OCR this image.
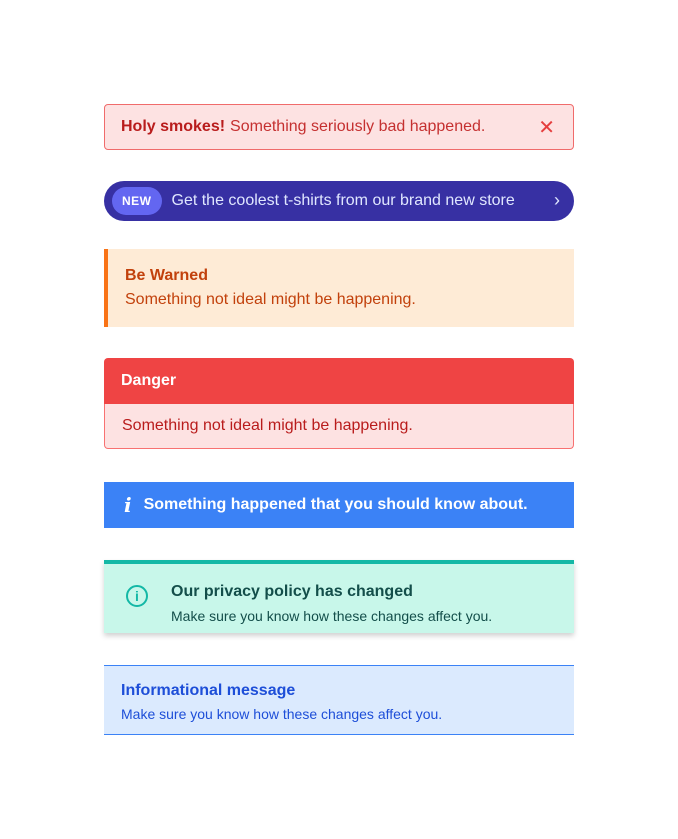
Holy smokes! Something seriously bad happened.	✕
NEW	Get the coolest t-shirts from our brand new store ›
Be Warned
Something not ideal might be happening.
Danger
Something not ideal might be happening.
i Something happened that you should know about.
i	Our privacy policy has changed
Make sure you know how these changes affect you.
Informational message
Make sure you know how these changes affect you.
